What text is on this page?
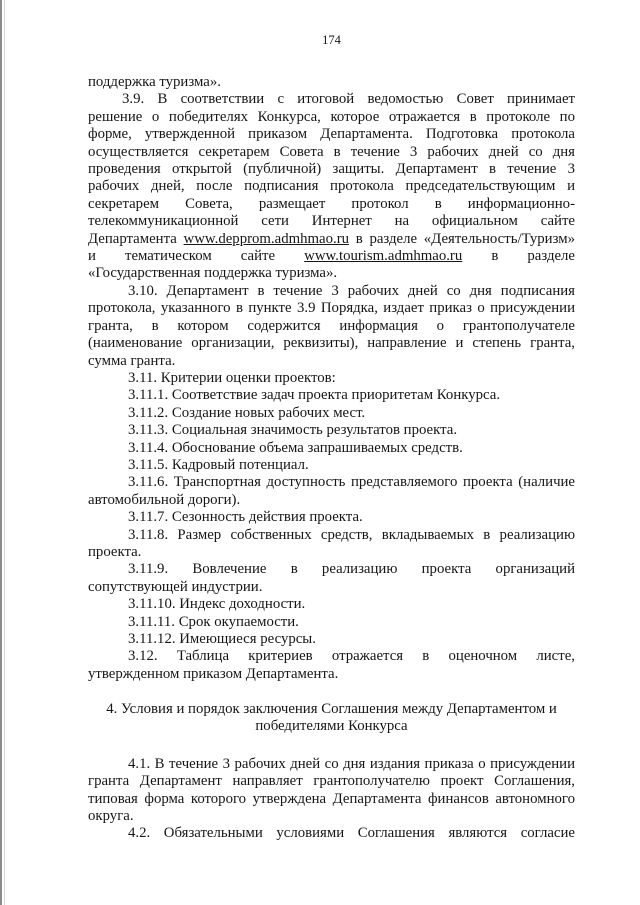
174
поддержка туризма».
3.9. В соответствии с итоговой ведомостью Совет принимает
решение о победителях Конкурса, которое отражается в протоколе по
форме, утвержденной приказом Департамента. Подготовка протокола
осуществляется секретарем Совета в течение 3 рабочих дней со дня
проведения открытой (публичной) защиты. Департамент в течение 3
рабочих дней, после подписания протокола председательствующим и
секретарем Совета, размещает протокол в информационно-
телекоммуникационной сети Интернет на официальном сайте
Департамента www.depprom.admhmao.ru в разделе «Деятельность/Туризм»
и тематическом сайте www.tourism.admhmao.ru в разделе
«Государственная поддержка туризма».
3.10. Департамент в течение 3 рабочих дней со дня подписания
протокола, указанного в пункте 3.9 Порядка, издает приказ о присуждении
гранта, в котором содержится информация о грантополучателе
(наименование организации, реквизиты), направление и степень гранта,
сумма гранта.
3.11. Критерии оценки проектов:
3.11.1. Соответствие задач проекта приоритетам Конкурса.
3.11.2. Создание новых рабочих мест.
3.11.3. Социальная значимость результатов проекта.
3.11.4. Обоснование объема запрашиваемых средств.
3.11.5. Кадровый потенциал.
3.11.6. Транспортная доступность представляемого проекта (наличие
автомобильной дороги).
3.11.7. Сезонность действия проекта.
3.11.8. Размер собственных средств, вкладываемых в реализацию
проекта.
3.11.9. Вовлечение в реализацию проекта организаций
сопутствующей индустрии.
3.11.10. Индекс доходности.
3.11.11. Срок окупаемости.
3.11.12. Имеющиеся ресурсы.
3.12. Таблица критериев отражается в оценочном листе,
утвержденном приказом Департамента.
4. Условия и порядок заключения Соглашения между Департаментом и
победителями Конкурса
4.1. В течение 3 рабочих дней со дня издания приказа о присуждении
гранта Департамент направляет грантополучателю проект Соглашения,
типовая форма которого утверждена Департамента финансов автономного
округа.
4.2. Обязательными условиями Соглашения являются согласие
